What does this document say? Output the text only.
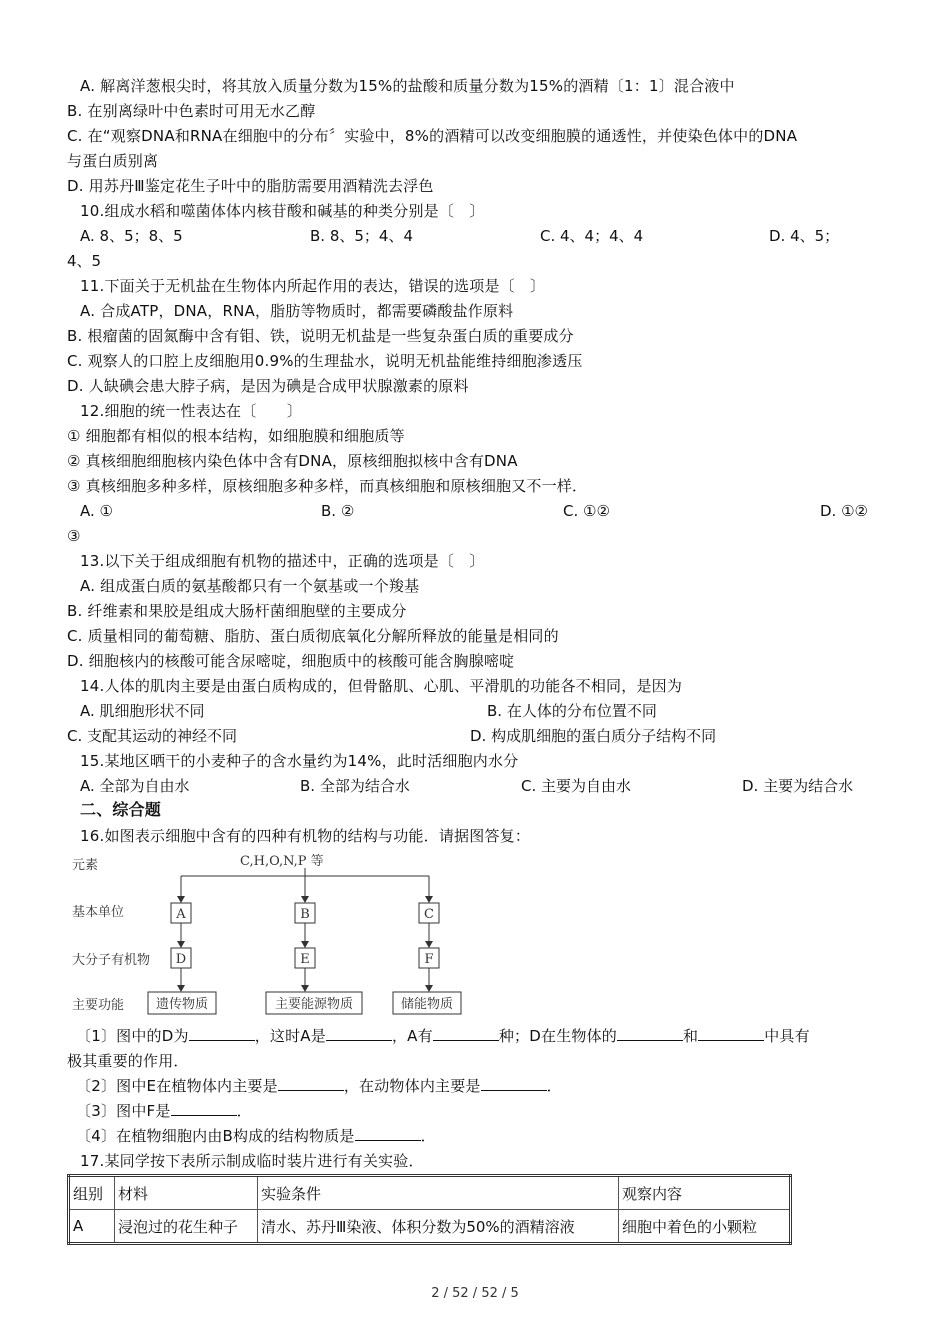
A. 解离洋葱根尖时，将其放入质量分数为15%的盐酸和质量分数为15%的酒精〔1：1〕混合液中
B. 在别离绿叶中色素时可用无水乙醇
C. 在“观察DNA和RNA在细胞中的分布〞实验中，8%的酒精可以改变细胞膜的通透性，并使染色体中的DNA
与蛋白质别离
D. 用苏丹Ⅲ鉴定花生子叶中的脂肪需要用酒精洗去浮色
10.组成水稻和噬菌体体内核苷酸和碱基的种类分别是〔　〕
A. 8、5；8、5	B. 8、5；4、4	C. 4、4；4、4	D. 4、5；
4、5
11.下面关于无机盐在生物体内所起作用的表达，错误的选项是〔　〕
A. 合成ATP，DNA，RNA，脂肪等物质时，都需要磷酸盐作原料
B. 根瘤菌的固氮酶中含有钼、铁，说明无机盐是一些复杂蛋白质的重要成分
C. 观察人的口腔上皮细胞用0.9%的生理盐水，说明无机盐能维持细胞渗透压
D. 人缺碘会患大脖子病，是因为碘是合成甲状腺激素的原料
12.细胞的统一性表达在〔　　〕
① 细胞都有相似的根本结构，如细胞膜和细胞质等
② 真核细胞细胞核内染色体中含有DNA，原核细胞拟核中含有DNA
③ 真核细胞多种多样，原核细胞多种多样，而真核细胞和原核细胞又不一样．
A. ①	B. ②	C. ①②	D. ①②
③
13.以下关于组成细胞有机物的描述中，正确的选项是〔　〕
A. 组成蛋白质的氨基酸都只有一个氨基或一个羧基
B. 纤维素和果胶是组成大肠杆菌细胞壁的主要成分
C. 质量相同的葡萄糖、脂肪、蛋白质彻底氧化分解所释放的能量是相同的
D. 细胞核内的核酸可能含尿嘧啶，细胞质中的核酸可能含胸腺嘧啶
14.人体的肌肉主要是由蛋白质构成的，但骨骼肌、心肌、平滑肌的功能各不相同，是因为
A. 肌细胞形状不同	B. 在人体的分布位置不同
C. 支配其运动的神经不同	D. 构成肌细胞的蛋白质分子结构不同
15.某地区晒干的小麦种子的含水量约为14%，此时活细胞内水分
A. 全部为自由水	B. 全部为结合水	C. 主要为自由水	D. 主要为结合水
二、综合题
16.如图表示细胞中含有的四种有机物的结构与功能．请据图答复：
元素	C,H,O,N,P 等
基本单位	A	B	C
大分子有机物 D	E	F
主要功能 遗传物质	主要能源物质	储能物质
〔1〕图中的D为	，这时A是	，A有	种；D在生物体的	和	中具有
极其重要的作用．
〔2〕图中E在植物体内主要是	，在动物体内主要是	．
〔3〕图中F是	．
〔4〕在植物细胞内由B构成的结构物质是	．
17.某同学按下表所示制成临时装片进行有关实验．
组别	材料	实验条件	观察内容
A	浸泡过的花生种子	清水、苏丹Ⅲ染液、体积分数为50%的酒精溶液	细胞中着色的小颗粒
2 / 52 / 52 / 5
